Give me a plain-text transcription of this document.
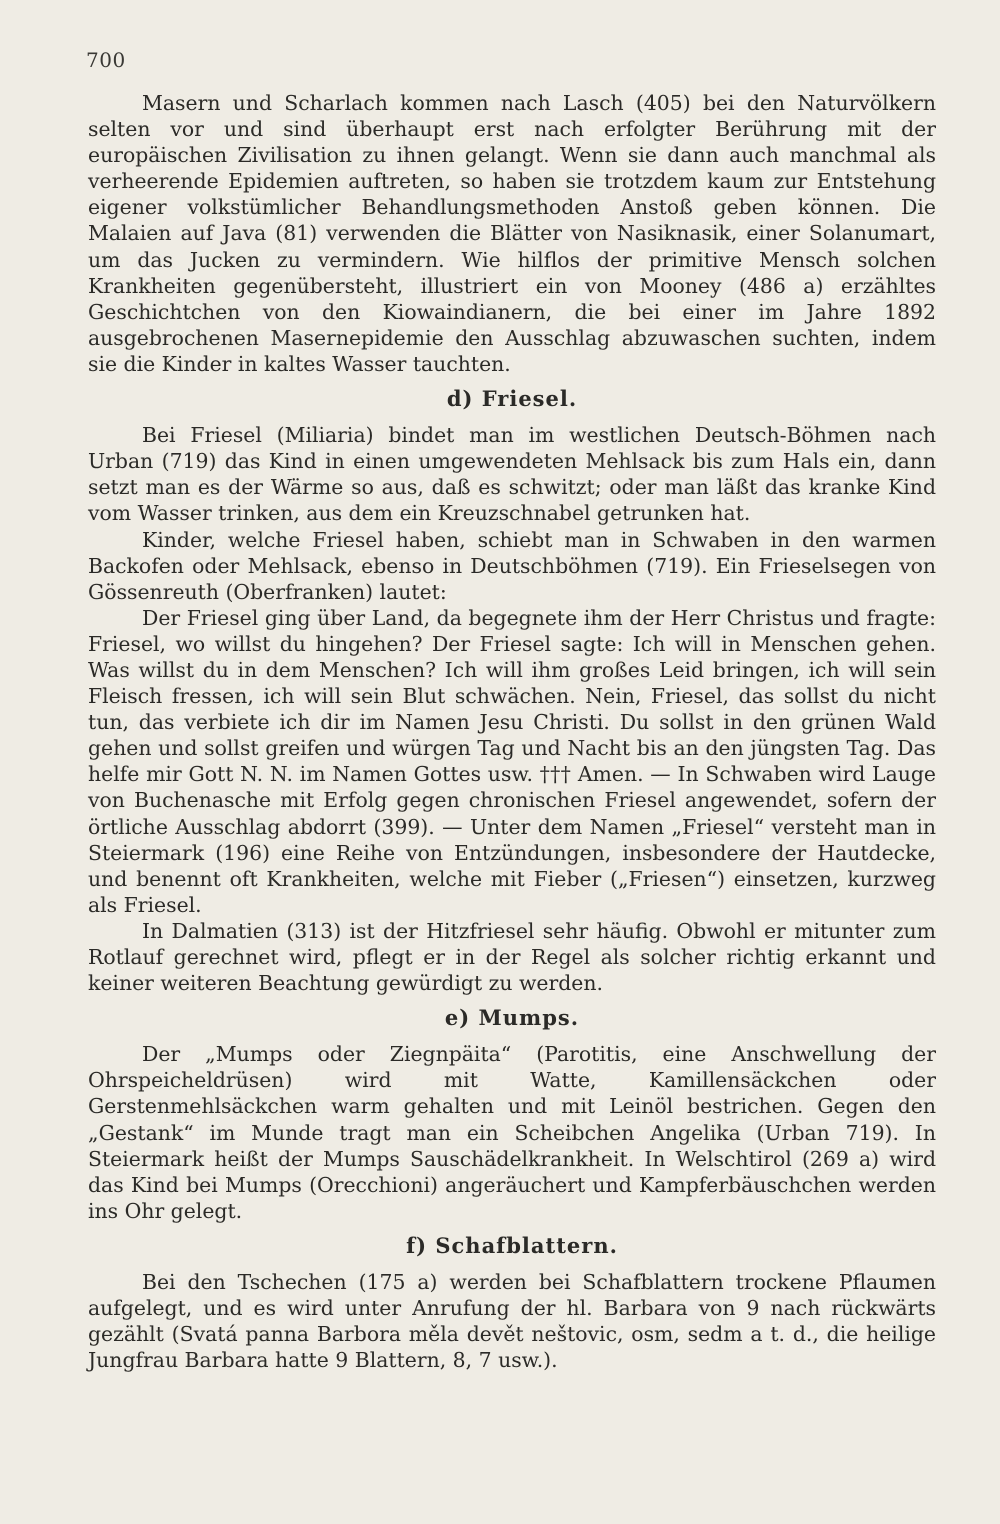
700

Masern und Scharlach kommen nach Lasch (405) bei den Naturvölkern selten vor und sind überhaupt erst nach erfolgter Berührung mit der europäischen Zivilisation zu ihnen gelangt. Wenn sie dann auch manchmal als verheerende Epidemien auftreten, so haben sie trotzdem kaum zur Entstehung eigener volkstümlicher Behandlungsmethoden Anstoß geben können. Die Malaien auf Java (81) verwenden die Blätter von Nasiknasik, einer Solanumart, um das Jucken zu vermindern. Wie hilflos der primitive Mensch solchen Krankheiten gegenübersteht, illustriert ein von Mooney (486 a) erzähltes Geschichtchen von den Kiowaindianern, die bei einer im Jahre 1892 ausgebrochenen Masernepidemie den Ausschlag abzuwaschen suchten, indem sie die Kinder in kaltes Wasser tauchten.

d) Friesel.

Bei Friesel (Miliaria) bindet man im westlichen Deutsch-Böhmen nach Urban (719) das Kind in einen umgewendeten Mehlsack bis zum Hals ein, dann setzt man es der Wärme so aus, daß es schwitzt; oder man läßt das kranke Kind vom Wasser trinken, aus dem ein Kreuzschnabel getrunken hat.

Kinder, welche Friesel haben, schiebt man in Schwaben in den warmen Backofen oder Mehlsack, ebenso in Deutschböhmen (719). Ein Frieselsegen von Gössenreuth (Oberfranken) lautet:

Der Friesel ging über Land, da begegnete ihm der Herr Christus und fragte: Friesel, wo willst du hingehen? Der Friesel sagte: Ich will in Menschen gehen. Was willst du in dem Menschen? Ich will ihm großes Leid bringen, ich will sein Fleisch fressen, ich will sein Blut schwächen. Nein, Friesel, das sollst du nicht tun, das verbiete ich dir im Namen Jesu Christi. Du sollst in den grünen Wald gehen und sollst greifen und würgen Tag und Nacht bis an den jüngsten Tag. Das helfe mir Gott N. N. im Namen Gottes usw. ††† Amen. — In Schwaben wird Lauge von Buchenasche mit Erfolg gegen chronischen Friesel angewendet, sofern der örtliche Ausschlag abdorrt (399). — Unter dem Namen „Friesel“ versteht man in Steiermark (196) eine Reihe von Entzündungen, insbesondere der Hautdecke, und benennt oft Krankheiten, welche mit Fieber („Friesen“) einsetzen, kurzweg als Friesel.

In Dalmatien (313) ist der Hitzfriesel sehr häufig. Obwohl er mitunter zum Rotlauf gerechnet wird, pflegt er in der Regel als solcher richtig erkannt und keiner weiteren Beachtung gewürdigt zu werden.

e) Mumps.

Der „Mumps oder Ziegnpäita“ (Parotitis, eine Anschwellung der Ohrspeicheldrüsen) wird mit Watte, Kamillensäckchen oder Gerstenmehlsäckchen warm gehalten und mit Leinöl bestrichen. Gegen den „Gestank“ im Munde tragt man ein Scheibchen Angelika (Urban 719). In Steiermark heißt der Mumps Sauschädelkrankheit. In Welschtirol (269 a) wird das Kind bei Mumps (Orecchioni) angeräuchert und Kampferbäuschchen werden ins Ohr gelegt.

f) Schafblattern.

Bei den Tschechen (175 a) werden bei Schafblattern trockene Pflaumen aufgelegt, und es wird unter Anrufung der hl. Barbara von 9 nach rückwärts gezählt (Svatá panna Barbora měla devět neštovic, osm, sedm a t. d., die heilige Jungfrau Barbara hatte 9 Blattern, 8, 7 usw.).
